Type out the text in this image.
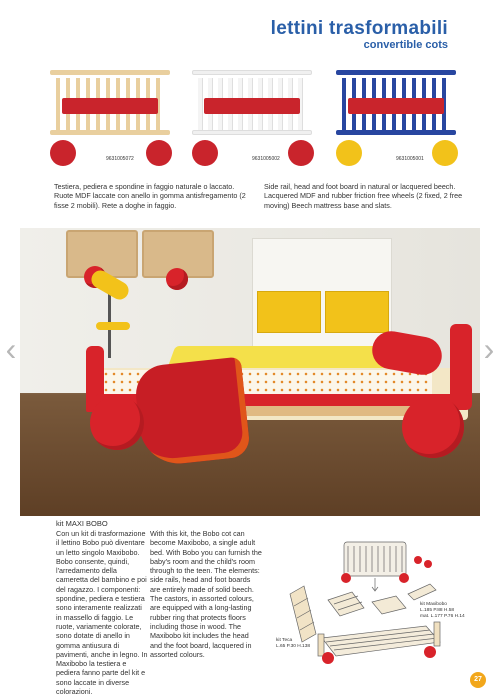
lettini trasformabili
convertible cots
9631005072	9631005002	9631005001
Testiera, pediera e spondine in faggio naturale o laccato. Ruote MDF laccate con anello in gomma antisfregamento (2 fisse 2 mobili). Rete a doghe in faggio.
Side rail, head and foot board in natural or lacquered beech. Lacquered MDF and rubber friction free wheels (2 fixed, 2 free moving) Beech mattress base and slats.
‹	›
kit MAXI BOBO
Con un kit di trasformazione il lettino Bobo può diventare un letto singolo Maxibobo. Bobo consente, quindi, l'arredamento della cameretta del bambino e poi del ragazzo. I componenti: spondine, pediera e testiera sono interamente realizzati in massello di faggio. Le ruote, variamente colorate, sono dotate di anello in gomma antiusura di pavimenti, anche in legno. In Maxibobo la testiera e pediera fanno parte del kit e sono laccate in diverse colorazioni.
With this kit, the Bobo cot can become Maxibobo, a single adult bed. With Bobo you can furnish the baby's room and the child's room through to the teen. The elements: side rails, head and foot boards are entirely made of solid beech. The castors, in assorted colours, are equipped with a long-lasting rubber ring that protects floors including those in wood. The Maxibobo kit includes the head and the foot board, lacquered in assorted colours.
kit Teca
L.65 P.30 H.138
kit Maxibobo
L.185 P.88 H.58
mat. L.177 P.76 H.14
27
